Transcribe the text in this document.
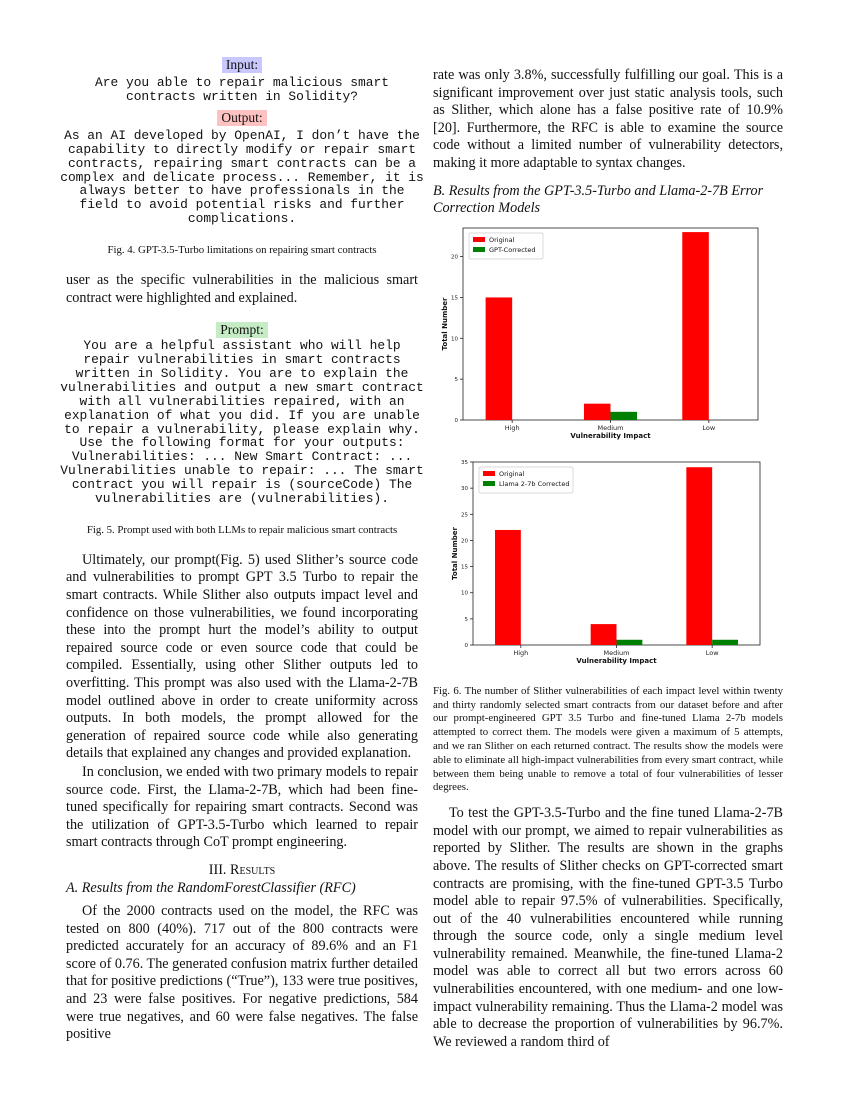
Input:

Are you able to repair malicious smart contracts written in Solidity?

Output:

As an AI developed by OpenAI, I don’t have the capability to directly modify or repair smart contracts, repairing smart contracts can be a complex and delicate process... Remember, it is always better to have professionals in the field to avoid potential risks and further complications.

Fig. 4. GPT-3.5-Turbo limitations on repairing smart contracts

user as the specific vulnerabilities in the malicious smart contract were highlighted and explained.

Prompt:

You are a helpful assistant who will help repair vulnerabilities in smart contracts written in Solidity. You are to explain the vulnerabilities and output a new smart contract with all vulnerabilities repaired, with an explanation of what you did. If you are unable to repair a vulnerability, please explain why. Use the following format for your outputs: Vulnerabilities: ... New Smart Contract: ... Vulnerabilities unable to repair: ... The smart contract you will repair is (sourceCode) The vulnerabilities are (vulnerabilities).

Fig. 5. Prompt used with both LLMs to repair malicious smart contracts

Ultimately, our prompt(Fig. 5) used Slither’s source code and vulnerabilities to prompt GPT 3.5 Turbo to repair the smart contracts. While Slither also outputs impact level and confidence on those vulnerabilities, we found incorporating these into the prompt hurt the model’s ability to output repaired source code or even source code that could be compiled. Essentially, using other Slither outputs led to overfitting. This prompt was also used with the Llama-2-7B model outlined above in order to create uniformity across outputs. In both models, the prompt allowed for the generation of repaired source code while also generating details that explained any changes and provided explanation.

In conclusion, we ended with two primary models to repair source code. First, the Llama-2-7B, which had been fine-tuned specifically for repairing smart contracts. Second was the utilization of GPT-3.5-Turbo which learned to repair smart contracts through CoT prompt engineering.

III. Results

A. Results from the RandomForestClassifier (RFC)

Of the 2000 contracts used on the model, the RFC was tested on 800 (40%). 717 out of the 800 contracts were predicted accurately for an accuracy of 89.6% and an F1 score of 0.76. The generated confusion matrix further detailed that for positive predictions (“True”), 133 were true positives, and 23 were false positives. For negative predictions, 584 were true negatives, and 60 were false negatives. The false positive

rate was only 3.8%, successfully fulfilling our goal. This is a significant improvement over just static analysis tools, such as Slither, which alone has a false positive rate of 10.9% [20]. Furthermore, the RFC is able to examine the source code without a limited number of vulnerability detectors, making it more adaptable to syntax changes.

B. Results from the GPT-3.5-Turbo and Llama-2-7B Error Correction Models

0
5
10
15
20
High	Medium	Low
Vulnerability Impact
Total Number
Original
GPT-Corrected
0
5
10
15
20
25
30
35
High	Medium	Low
Vulnerability Impact
Total Number
Original
Llama 2-7b Corrected

Fig. 6. The number of Slither vulnerabilities of each impact level within twenty and thirty randomly selected smart contracts from our dataset before and after our prompt-engineered GPT 3.5 Turbo and fine-tuned Llama 2-7b models attempted to correct them. The models were given a maximum of 5 attempts, and we ran Slither on each returned contract. The results show the models were able to eliminate all high-impact vulnerabilities from every smart contract, while between them being unable to remove a total of four vulnerabilities of lesser degrees.

To test the GPT-3.5-Turbo and the fine tuned Llama-2-7B model with our prompt, we aimed to repair vulnerabilities as reported by Slither. The results are shown in the graphs above. The results of Slither checks on GPT-corrected smart contracts are promising, with the fine-tuned GPT-3.5 Turbo model able to repair 97.5% of vulnerabilities. Specifically, out of the 40 vulnerabilities encountered while running through the source code, only a single medium level vulnerability remained. Meanwhile, the fine-tuned Llama-2 model was able to correct all but two errors across 60 vulnerabilities encountered, with one medium- and one low-impact vulnerability remaining. Thus the Llama-2 model was able to decrease the proportion of vulnerabilities by 96.7%. We reviewed a random third of
